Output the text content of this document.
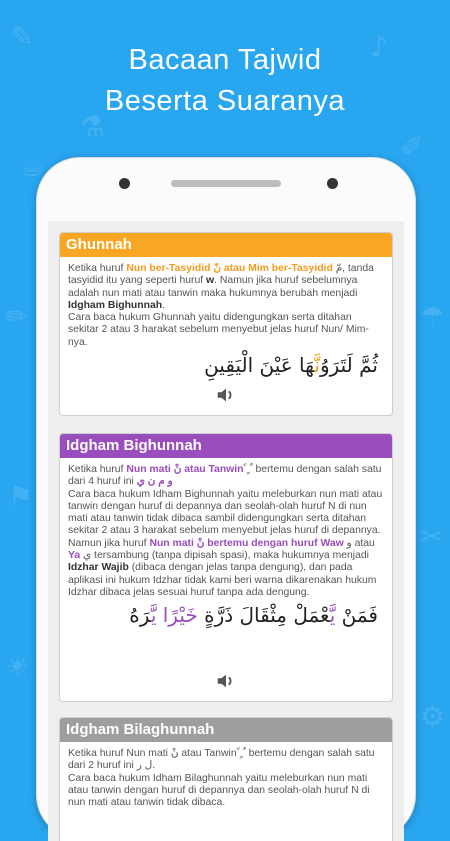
✎
⚗
♪
✐
☕
✏	☂
⚑
✂
☀
⚙
Bacaan Tajwid
Beserta Suaranya
Ghunnah
Ketika huruf Nun ber-Tasyidid نّ atau Mim ber-Tasyidid مّ, tanda tasyidid itu yang seperti huruf w. Namun jika huruf sebelumnya adalah nun mati atau tanwin maka hukumnya berubah menjadi Idgham Bighunnah.
Cara baca hukum Ghunnah yaitu didengungkan serta ditahan sekitar 2 atau 3 harakat sebelum menyebut jelas huruf Nun/ Mim-nya.
ثُمَّ لَتَرَوُنَّهَا عَيْنَ الْيَقِينِ
Idgham Bighunnah
Ketika huruf Nun mati نْ atau Tanwin ً ٍ ٌ bertemu dengan salah satu dari 4 huruf ini و م ن ي
Cara baca hukum Idham Bighunnah yaitu meleburkan nun mati atau tanwin dengan huruf di depannya dan seolah-olah huruf N di nun mati atau tanwin tidak dibaca sambil didengungkan serta ditahan sekitar 2 atau 3 harakat sebelum menyebut jelas huruf di depannya.
Namun jika huruf Nun mati نْ bertemu dengan huruf Waw و atau Ya ي tersambung (tanpa dipisah spasi), maka hukumnya menjadi Idzhar Wajib (dibaca dengan jelas tanpa dengung), dan pada aplikasi ini hukum Idzhar tidak kami beri warna dikarenakan hukum Idzhar dibaca jelas sesuai huruf tanpa ada dengung.
فَمَنْ يَّعْمَلْ مِثْقَالَ ذَرَّةٍ خَيْرًا يَّرَهُ
Idgham Bilaghunnah
Ketika huruf Nun mati نْ atau Tanwin ً ٍ ٌ bertemu dengan salah satu dari 2 huruf ini ل ر.
Cara baca hukum Idham Bilaghunnah yaitu meleburkan nun mati atau tanwin dengan huruf di depannya dan seolah-olah huruf N di nun mati atau tanwin tidak dibaca.
